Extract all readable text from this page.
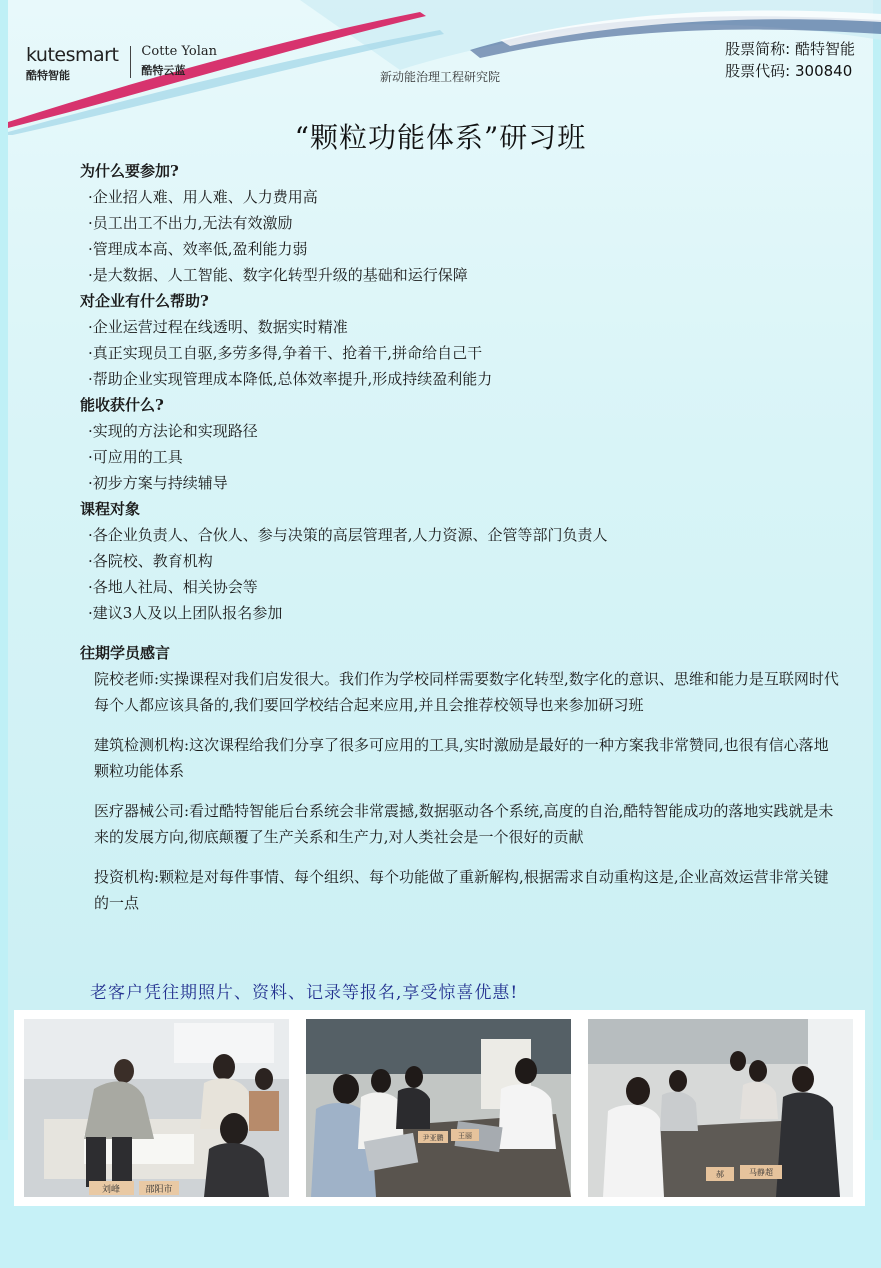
kutesmart
酷特智能
Cotte Yolan
酷特云蓝	新动能治理工程研究院
股票简称: 酷特智能
股票代码: 300840
“颗粒功能体系”研习班
为什么要参加?
·企业招人难、用人难、人力费用高
·员工出工不出力,无法有效激励
·管理成本高、效率低,盈利能力弱
·是大数据、人工智能、数字化转型升级的基础和运行保障
对企业有什么帮助?
·企业运营过程在线透明、数据实时精准
·真正实现员工自驱,多劳多得,争着干、抢着干,拼命给自己干
·帮助企业实现管理成本降低,总体效率提升,形成持续盈利能力
能收获什么?
·实现的方法论和实现路径
·可应用的工具
·初步方案与持续辅导
课程对象
·各企业负责人、合伙人、参与决策的高层管理者,人力资源、企管等部门负责人
·各院校、教育机构
·各地人社局、相关协会等
·建议3人及以上团队报名参加
往期学员感言
院校老师:实操课程对我们启发很大。我们作为学校同样需要数字化转型,数字化的意识、思维和能力是互联网时代每个人都应该具备的,我们要回学校结合起来应用,并且会推荐校领导也来参加研习班
建筑检测机构:这次课程给我们分享了很多可应用的工具,实时激励是最好的一种方案我非常赞同,也很有信心落地颗粒功能体系
医疗器械公司:看过酷特智能后台系统会非常震撼,数据驱动各个系统,高度的自治,酷特智能成功的落地实践就是未来的发展方向,彻底颠覆了生产关系和生产力,对人类社会是一个很好的贡献
投资机构:颗粒是对每件事情、每个组织、每个功能做了重新解构,根据需求自动重构这是,企业高效运营非常关键的一点
老客户凭往期照片、资料、记录等报名,享受惊喜优惠!
刘峰	邵阳市
尹亚鹏 王丽
郝	马静超
